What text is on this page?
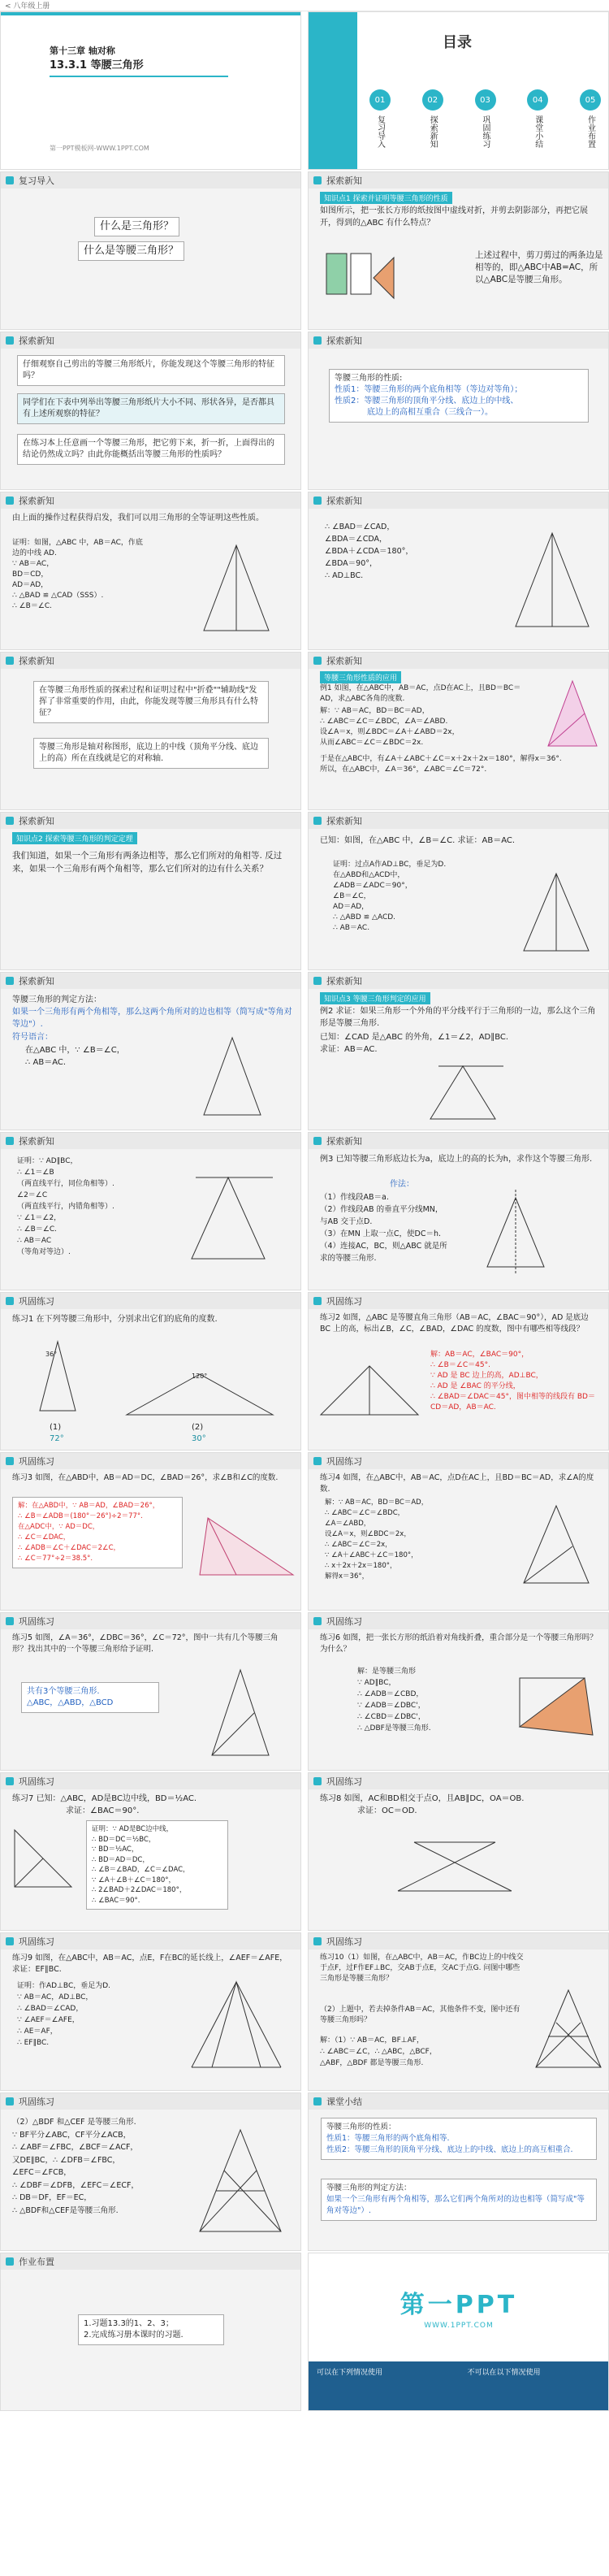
< 八年级上册
第十三章 轴对称
13.3.1 等腰三角形
第一PPT模板网-WWW.1PPT.COM
目录
01
复习导入
02
探索新知
03
巩固练习
04
课堂小结
05
作业布置
复习导入
什么是三角形？
什么是等腰三角形？
探索新知
知识点1 探索并证明等腰三角形的性质
如图所示，把一张长方形的纸按图中虚线对折，并剪去阴影部分，再把它展开，得到的△ABC 有什么特点？
上述过程中，剪刀剪过的两条边是相等的，即△ABC中AB=AC，所以△ABC是等腰三角形。
探索新知
仔细观察自己剪出的等腰三角形纸片，你能发现这个等腰三角形的特征吗？
同学们在下表中列举出等腰三角形纸片大小不同、形状各异，是否都具有上述所观察的特征？
在练习本上任意画一个等腰三角形，把它剪下来，折一折，上面得出的结论仍然成立吗？由此你能概括出等腰三角形的性质吗？
探索新知
等腰三角形的性质:
性质1：等腰三角形的两个底角相等（等边对等角）；
性质2：等腰三角形的顶角平分线、底边上的中线、
底边上的高相互重合（三线合一）。
探索新知
由上面的操作过程获得启发，我们可以用三角形的全等证明这些性质。
证明：如图，△ABC 中，AB＝AC，作底
边的中线 AD.
∵ AB＝AC，
BD＝CD，
AD＝AD，
∴ △BAD ≌ △CAD（SSS）.
∴ ∠B＝∠C.
探索新知
∴ ∠BAD＝∠CAD，
∠BDA＝∠CDA，
∠BDA＋∠CDA＝180°，
∠BDA＝90°，
∴ AD⊥BC.
探索新知
在等腰三角形性质的探索过程和证明过程中"折叠""辅助线"发挥了非常重要的作用，由此，你能发现等腰三角形具有什么特征？
等腰三角形是轴对称图形，底边上的中线（顶角平分线、底边上的高）所在直线就是它的对称轴.
探索新知
等腰三角形性质的应用
例1 如图，在△ABC中，AB＝AC，点D在AC上，且BD＝BC＝AD，求△ABC各角的度数.
解：∵ AB＝AC，BD＝BC＝AD，
∴ ∠ABC＝∠C＝∠BDC，∠A＝∠ABD.
设∠A＝x，则∠BDC＝∠A＋∠ABD＝2x，
从而∠ABC＝∠C＝∠BDC＝2x.
于是在△ABC中，有∠A＋∠ABC＋∠C＝x＋2x＋2x＝180°，解得x＝36°.
所以，在△ABC中，∠A＝36°，∠ABC＝∠C＝72°.
探索新知
知识点2 探索等腰三角形的判定定理
我们知道，如果一个三角形有两条边相等，那么它们所对的角相等. 反过来，如果一个三角形有两个角相等，那么它们所对的边有什么关系？
探索新知
已知：如图，在△ABC 中，∠B＝∠C. 求证：AB＝AC.
证明：过点A作AD⊥BC，垂足为D.
在△ABD和△ACD中，
∠ADB＝∠ADC＝90°，
∠B＝∠C，
AD＝AD，
∴ △ABD ≌ △ACD.
∴ AB＝AC.
探索新知
等腰三角形的判定方法：
如果一个三角形有两个角相等，那么这两个角所对的边也相等（简写成"等角对等边"）.
符号语言：
在△ABC 中，∵ ∠B＝∠C，
∴ AB＝AC.
探索新知
知识点3 等腰三角形判定的应用
例2 求证：如果三角形一个外角的平分线平行于三角形的一边，那么这个三角形是等腰三角形.
已知：∠CAD 是△ABC 的外角，∠1＝∠2，AD∥BC.
求证：AB＝AC.
探索新知
证明：∵ AD∥BC，
∴ ∠1＝∠B
（两直线平行，同位角相等）.
∠2＝∠C
（两直线平行，内错角相等）.
∵ ∠1＝∠2，
∴ ∠B＝∠C.
∴ AB＝AC
（等角对等边）.
探索新知
例3 已知等腰三角形底边长为a，底边上的高的长为h，求作这个等腰三角形.
作法：
（1）作线段AB＝a.
（2）作线段AB 的垂直平分线MN，
与AB 交于点D.
（3）在MN 上取一点C，使DC＝h.
（4）连接AC，BC，则△ABC 就是所
求的等腰三角形.
巩固练习
练习1 在下列等腰三角形中，分别求出它们的底角的度数.
36°
(1)
72°
120°
(2)
30°
巩固练习
练习2 如图，△ABC 是等腰直角三角形（AB＝AC，∠BAC＝90°），AD 是底边 BC 上的高，标出∠B，∠C，∠BAD，∠DAC 的度数，图中有哪些相等线段？
解：AB＝AC，∠BAC＝90°，
∴ ∠B＝∠C＝45°.
∵ AD 是 BC 边上的高，AD⊥BC，
∴ AD 是 ∠BAC 的平分线，
∴ ∠BAD＝∠DAC＝45°，图中相等的线段有 BD＝
CD＝AD，AB＝AC.
巩固练习
练习3 如图，在△ABD中，AB＝AD＝DC，∠BAD＝26°，求∠B和∠C的度数.
解：在△ABD中，∵ AB＝AD，∠BAD＝26°，
∴ ∠B＝∠ADB＝(180°－26°)÷2＝77°.
在△ADC中，∵ AD＝DC，
∴ ∠C＝∠DAC，
∴ ∠ADB＝∠C＋∠DAC＝2∠C，
∴ ∠C＝77°÷2＝38.5°.
巩固练习
练习4 如图，在△ABC中，AB＝AC，点D在AC上，且BD＝BC＝AD，求∠A的度数.
解：∵ AB＝AC，BD＝BC＝AD，
∴ ∠ABC＝∠C＝∠BDC，
∠A＝∠ABD，
设∠A＝x，则∠BDC＝2x，
∴ ∠ABC＝∠C＝2x，
∵ ∠A＋∠ABC＋∠C＝180°，
∴ x＋2x＋2x＝180°，
解得x＝36°，
巩固练习
练习5 如图，∠A＝36°，∠DBC＝36°，∠C＝72°，图中一共有几个等腰三角形？找出其中的一个等腰三角形给予证明.
共有3个等腰三角形.
△ABC，△ABD，△BCD
巩固练习
练习6 如图，把一张长方形的纸沿着对角线折叠，重合部分是一个等腰三角形吗？为什么？
解：是等腰三角形
∵ AD∥BC，
∴ ∠ADB＝∠CBD，
∵ ∠ADB＝∠DBC'，
∴ ∠CBD＝∠DBC'，
∴ △DBF是等腰三角形.
巩固练习
练习7 已知：△ABC，AD是BC边中线，BD＝½AC.
求证：∠BAC＝90°.
证明：∵ AD是BC边中线，
∴ BD＝DC＝½BC，
∵ BD＝½AC，
∴ BD＝AD＝DC，
∴ ∠B＝∠BAD，∠C＝∠DAC，
∵ ∠A＋∠B＋∠C＝180°，
∴ 2∠BAD＋2∠DAC＝180°，
∴ ∠BAC＝90°.
巩固练习
练习8 如图，AC和BD相交于点O，且AB∥DC，OA＝OB.
求证：OC＝OD.
巩固练习
练习9 如图，在△ABC中，AB＝AC，点E，F在BC的延长线上，∠AEF＝∠AFE，求证：EF∥BC.
证明：作AD⊥BC，垂足为D.
∵ AB＝AC，AD⊥BC，
∴ ∠BAD＝∠CAD，
∵ ∠AEF＝∠AFE，
∴ AE＝AF，
∴ EF∥BC.
巩固练习
练习10（1）如图，在△ABC中，AB＝AC，作BC边上的中线交于点F，过F作EF⊥BC，交AB于点E，交AC于点G. 问图中哪些三角形是等腰三角形？
（2）上题中，若去掉条件AB＝AC，其他条件不变，图中还有等腰三角形吗？
解：（1）∵ AB＝AC，BF⊥AF，
∴ ∠ABC＝∠C，∴ △ABC，△BCF，
△ABF，△BDF 都是等腰三角形.
巩固练习
（2）△BDF 和△CEF 是等腰三角形.
∵ BF平分∠ABC，CF平分∠ACB，
∴ ∠ABF＝∠FBC，∠BCF＝∠ACF，
又DE∥BC，∴ ∠DFB＝∠FBC，
∠EFC＝∠FCB，
∴ ∠DBF＝∠DFB，∠EFC＝∠ECF，
∴ DB＝DF，EF＝EC，
∴ △BDF和△CEF是等腰三角形.
课堂小结
等腰三角形的性质：
性质1：等腰三角形的两个底角相等.
性质2：等腰三角形的顶角平分线、底边上的中线、底边上的高互相重合.
等腰三角形的判定方法：
如果一个三角形有两个角相等，那么它们两个角所对的边也相等（简写成"等角对等边"）.
作业布置
1.习题13.3的1、2、3；
2.完成练习册本课时的习题.
第一PPT
WWW.1PPT.COM
可以在下列情况使用	不可以在以下情况使用
